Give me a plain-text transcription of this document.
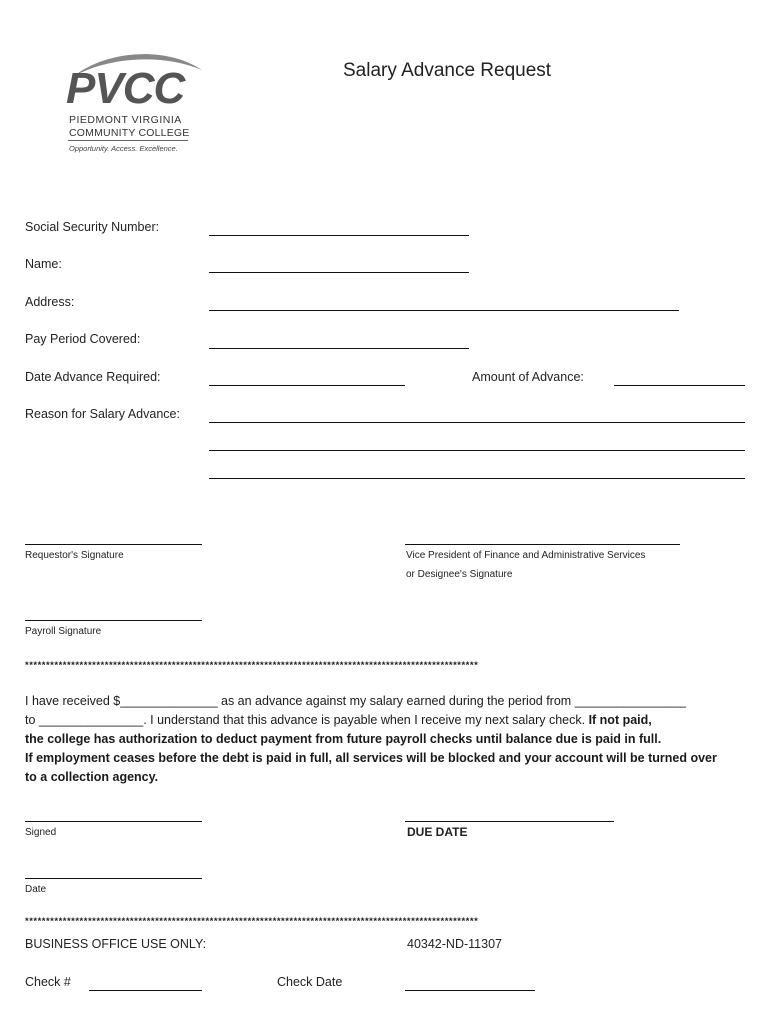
PVCC
PIEDMONT VIRGINIA
COMMUNITY COLLEGE
Opportunity. Access. Excellence.
Salary Advance Request
Social Security Number:
Name:
Address:
Pay Period Covered:
Date Advance Required:	Amount of Advance:
Reason for Salary Advance:
Requestor's Signature	Vice President of Finance and Administrative Services
or Designee's Signature
Payroll Signature
************************************************************************************************************
I have received $______________ as an advance against my salary earned during the period from ________________
to _______________. I understand that this advance is payable when I receive my next salary check. If not paid,
the college has authorization to deduct payment from future payroll checks until balance due is paid in full.
If employment ceases before the debt is paid in full, all services will be blocked and your account will be turned over to a collection agency.
Signed	DUE DATE
Date
************************************************************************************************************
BUSINESS OFFICE USE ONLY:	40342-ND-11307
Check #	Check Date
